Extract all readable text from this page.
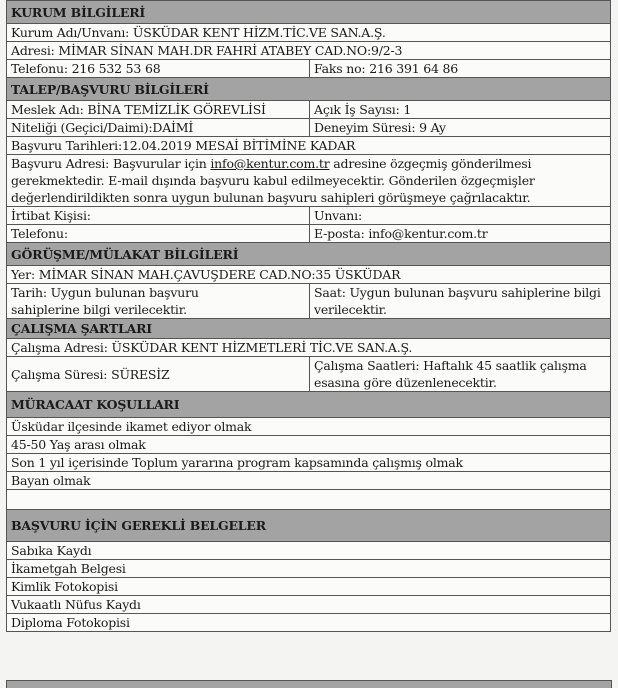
KURUM BİLGİLERİ	
Kurum Adı/Unvanı: ÜSKÜDAR KENT HİZM.TİC.VE SAN.A.Ş.	
Adresi: MİMAR SİNAN MAH.DR FAHRİ ATABEY CAD.NO:9/2-3	
Telefonu: 216 532 53 68	Faks no: 216 391 64 86
TALEP/BAŞVURU BİLGİLERİ	
Meslek Adı: BİNA TEMİZLİK GÖREVLİSİ	Açık İş Sayısı: 1
Niteliği (Geçici/Daimi):DAİMİ	Deneyim Süresi: 9 Ay
Başvuru Tarihleri:12.04.2019 MESAİ BİTİMİNE KADAR	
Başvuru Adresi: Başvurular için info@kentur.com.tr adresine özgeçmiş gönderilmesi gerekmektedir. E-mail dışında başvuru kabul edilmeyecektir. Gönderilen özgeçmişler değerlendirildikten sonra uygun bulunan başvuru sahipleri görüşmeye çağrılacaktır.	
İrtibat Kişisi:	Unvanı:
Telefonu:	E-posta: info@kentur.com.tr
GÖRÜŞME/MÜLAKAT BİLGİLERİ	
Yer: MİMAR SİNAN MAH.ÇAVUŞDERE CAD.NO:35 ÜSKÜDAR	
Tarih: Uygun bulunan başvuru sahiplerine bilgi verilecektir.	Saat: Uygun bulunan başvuru sahiplerine bilgi verilecektir.
ÇALIŞMA ŞARTLARI	
Çalışma Adresi: ÜSKÜDAR KENT HİZMETLERİ TİC.VE SAN.A.Ş.	
Çalışma Süresi: SÜRESİZ	Çalışma Saatleri: Haftalık 45 saatlik çalışma esasına göre düzenlenecektir.
MÜRACAAT KOŞULLARI	
Üsküdar ilçesinde ikamet ediyor olmak	
45-50 Yaş arası olmak	
Son 1 yıl içerisinde Toplum yararına program kapsamında çalışmış olmak	
Bayan olmak	

BAŞVURU İÇİN GEREKLİ BELGELER	
Sabıka Kaydı	
İkametgah Belgesi	
Kimlik Fotokopisi	
Vukaatlı Nüfus Kaydı	
Diploma Fotokopisi	
